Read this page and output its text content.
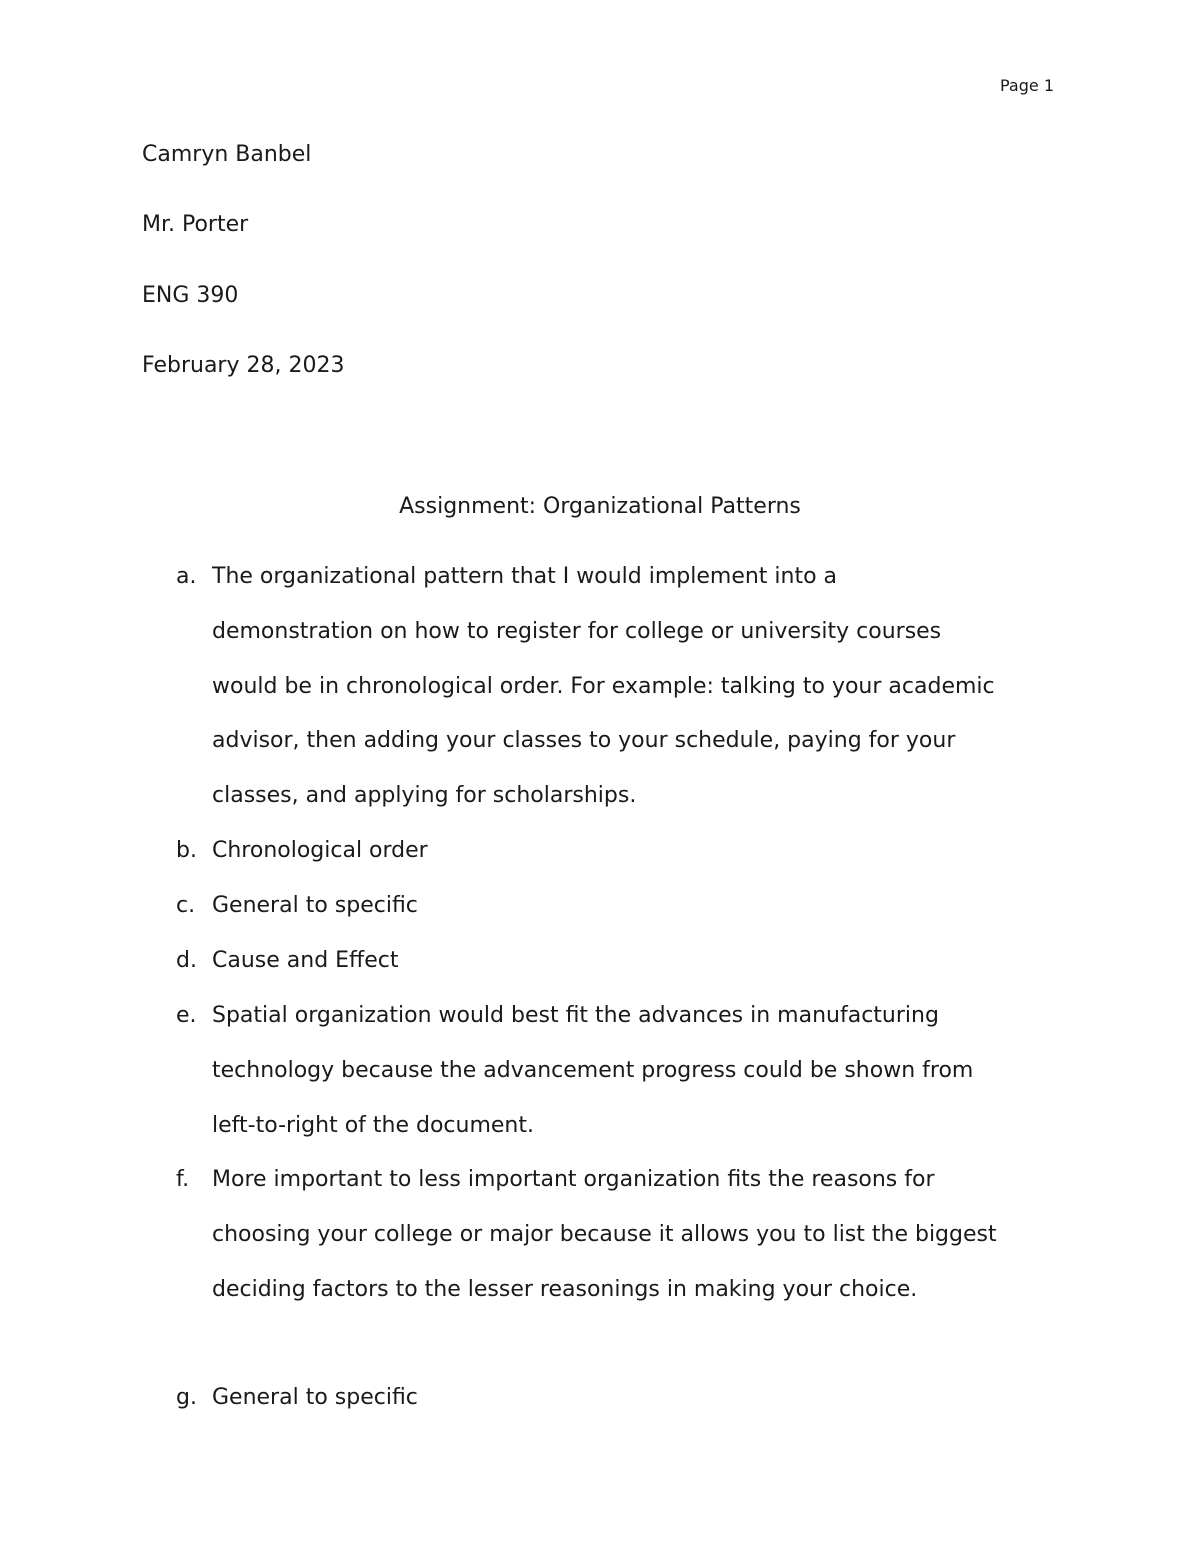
Page 1
Camryn Banbel
Mr. Porter
ENG 390
February 28, 2023
Assignment: Organizational Patterns
a. The organizational pattern that I would implement into a
demonstration on how to register for college or university courses
would be in chronological order. For example: talking to your academic
advisor, then adding your classes to your schedule, paying for your
classes, and applying for scholarships.
b. Chronological order
c. General to specific
d. Cause and Effect
e. Spatial organization would best fit the advances in manufacturing
technology because the advancement progress could be shown from
left-to-right of the document.
f. More important to less important organization fits the reasons for
choosing your college or major because it allows you to list the biggest
deciding factors to the lesser reasonings in making your choice.
g. General to specific
